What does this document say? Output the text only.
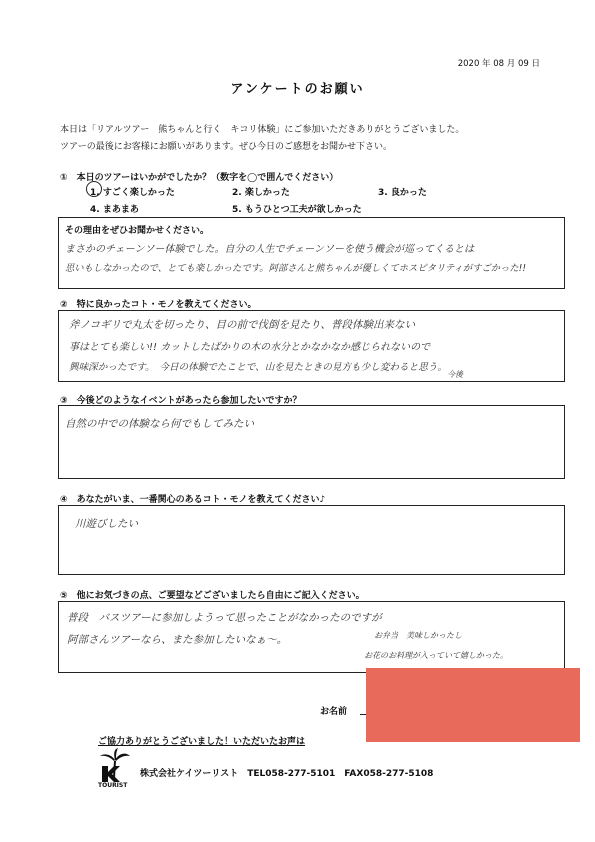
2020 年 08 月 09 日
アンケートのお願い
本日は「リアルツアー　熊ちゃんと行く　キコリ体験」にご参加いただきありがとうございました。
ツアーの最後にお客様にお願いがあります。ぜひ今日のご感想をお聞かせ下さい。
①　本日のツアーはいかがでしたか？（数字を◯で囲んでください）
1. すごく楽しかった	2. 楽しかった	3. 良かった
4. まあまあ	5. もうひとつ工夫が欲しかった
その理由をぜひお聞かせください。
まさかのチェーンソー体験でした。自分の人生でチェーンソーを使う機会が巡ってくるとは
思いもしなかったので、とても楽しかったです。阿部さんと熊ちゃんが優しくてホスピタリティがすごかった!!
②　特に良かったコト・モノを教えてください。
斧ノコギリで丸太を切ったり、目の前で伐倒を見たり、普段体験出来ない
事はとても楽しい!! カットしたばかりの木の水分とかなかなか感じられないので
興味深かったです。　今日の体験でたことで、山を見たときの見方も少し変わると思う。
今後
③　今後どのようなイベントがあったら参加したいですか？
自然の中での体験なら何でもしてみたい
④　あなたがいま、一番関心のあるコト・モノを教えてください♪
川遊びしたい
⑤　他にお気づきの点、ご要望などございましたら自由にご記入ください。
普段　バスツアーに参加しようって思ったことがなかったのですが
阿部さんツアーなら、また参加したいなぁ〜。	お弁当　美味しかったし
お花のお料理が入っていて嬉しかった。
お名前
ご協力ありがとうございました！いただいたお声は
TOURIST
株式会社ケイツーリスト　TEL058-277-5101　FAX058-277-5108
